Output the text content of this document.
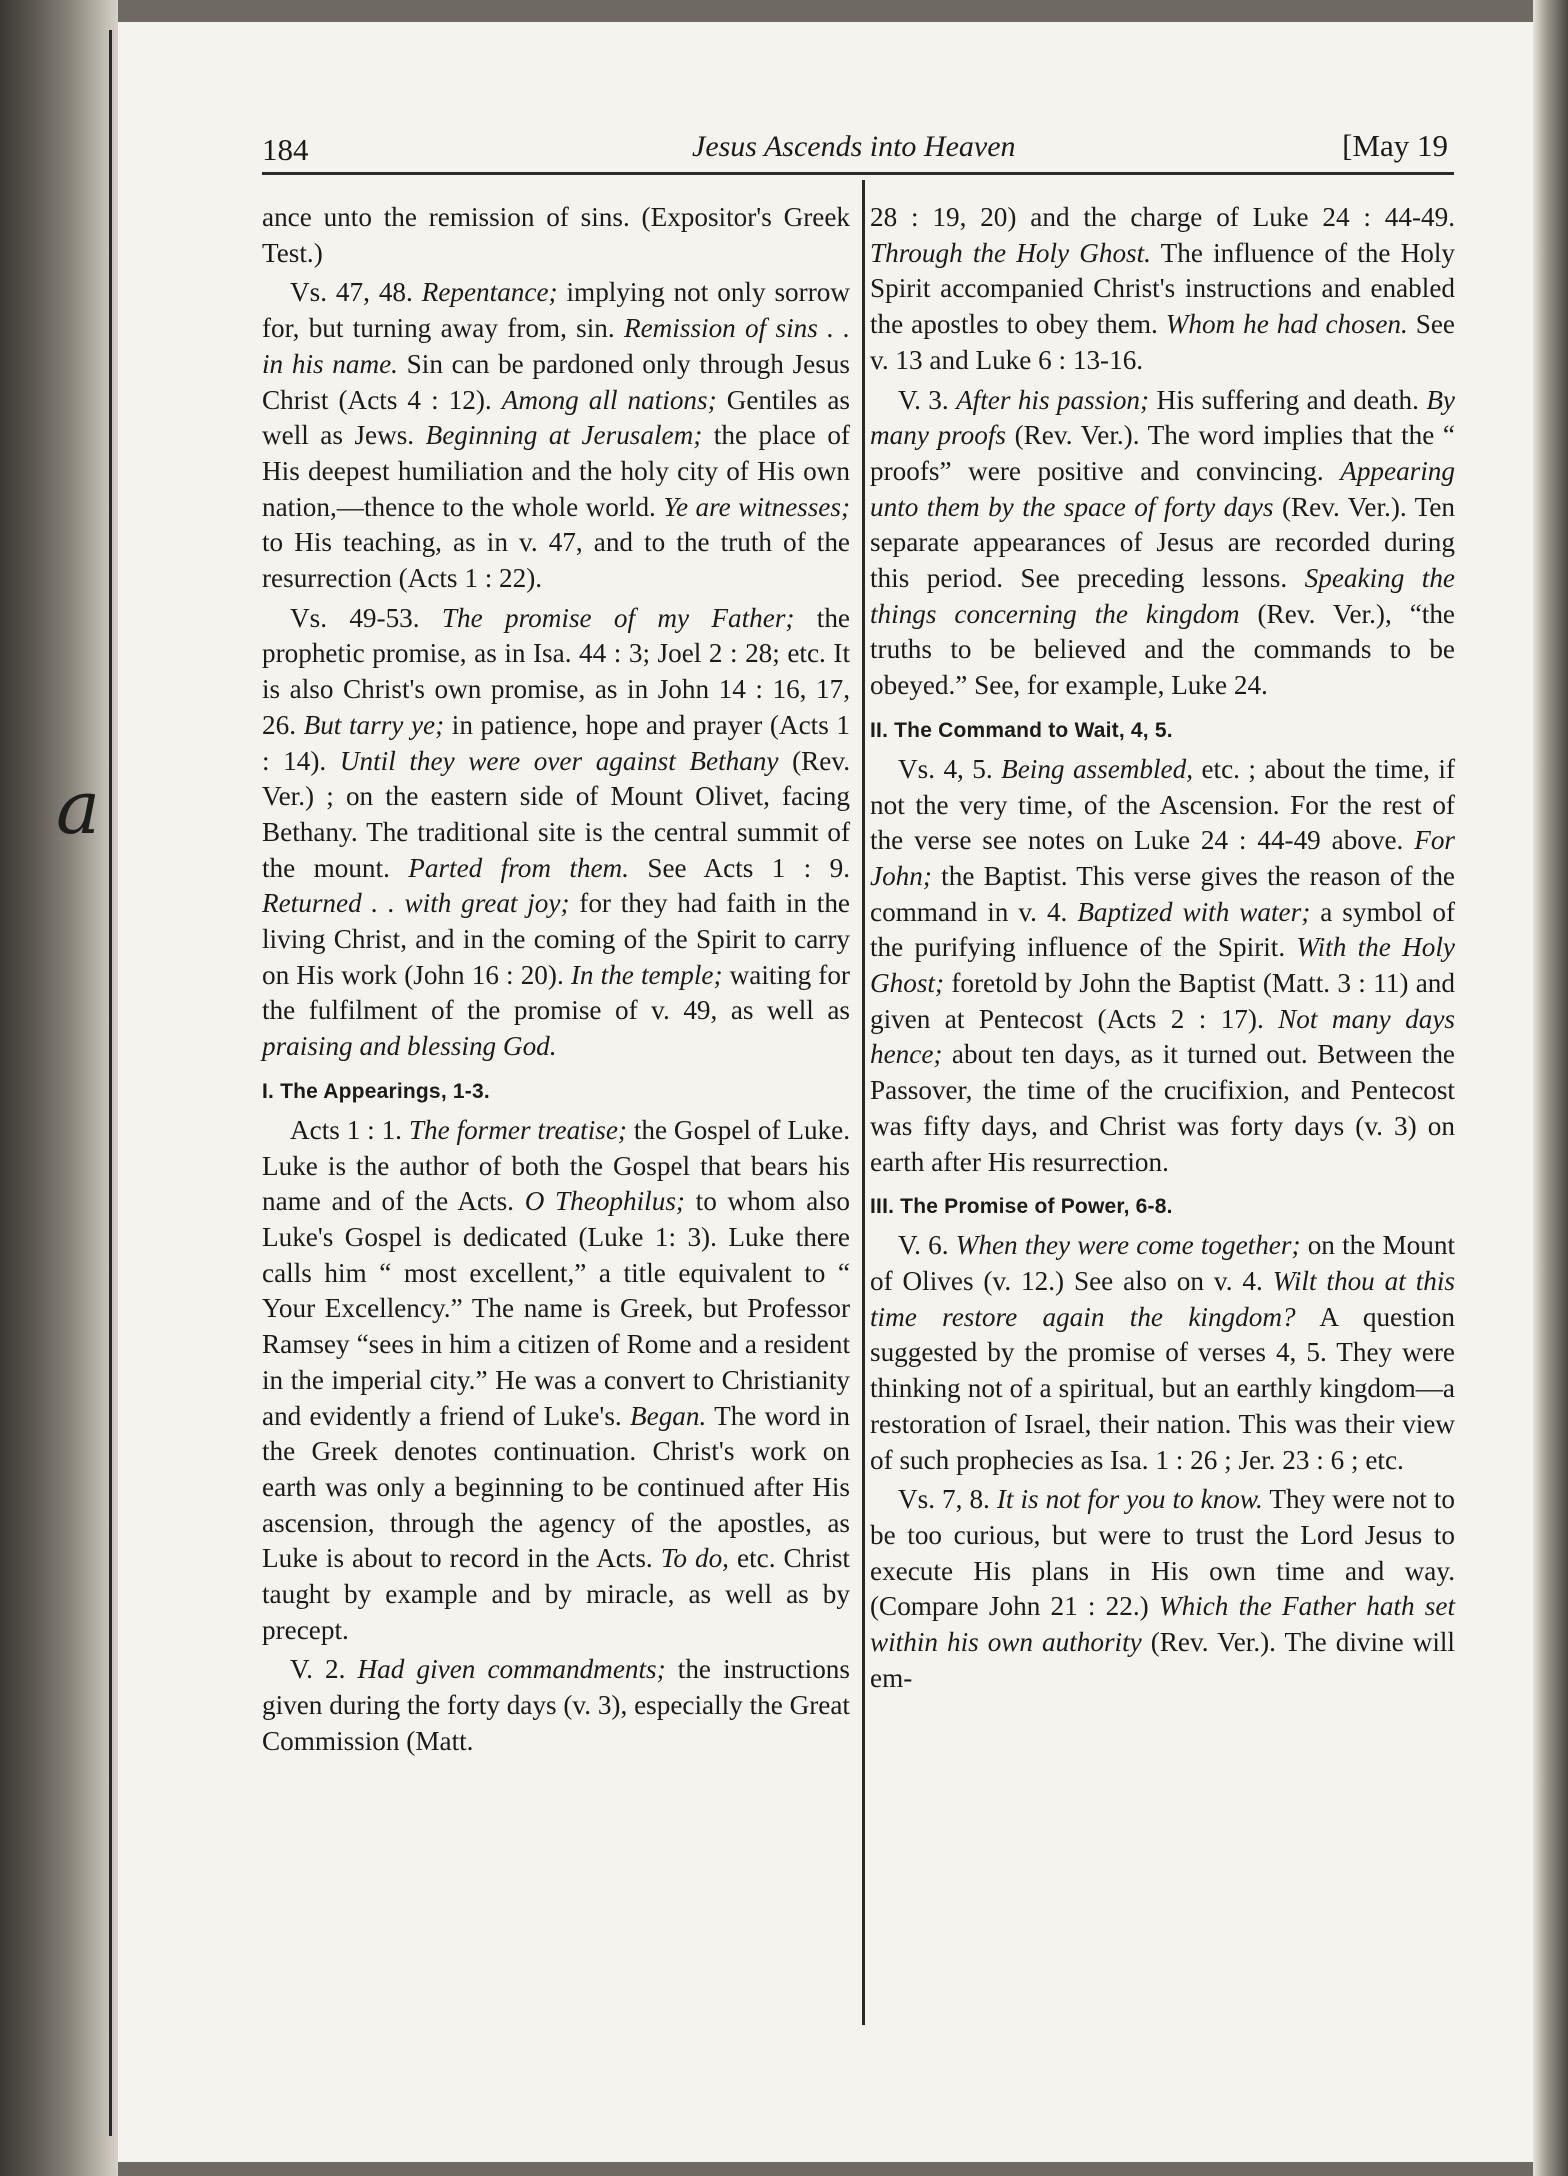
a
184	Jesus Ascends into Heaven	[May 19

ance unto the remission of sins. (Expositor's Greek Test.)

Vs. 47, 48. Repentance; implying not only sorrow for, but turning away from, sin. Remission of sins . . in his name. Sin can be pardoned only through Jesus Christ (Acts 4 : 12). Among all nations; Gentiles as well as Jews. Beginning at Jerusalem; the place of His deepest humiliation and the holy city of His own nation,—thence to the whole world. Ye are witnesses; to His teaching, as in v. 47, and to the truth of the resurrection (Acts 1 : 22).

Vs. 49-53. The promise of my Father; the prophetic promise, as in Isa. 44 : 3; Joel 2 : 28; etc. It is also Christ's own promise, as in John 14 : 16, 17, 26. But tarry ye; in patience, hope and prayer (Acts 1 : 14). Until they were over against Bethany (Rev. Ver.) ; on the eastern side of Mount Olivet, facing Bethany. The traditional site is the central summit of the mount. Parted from them. See Acts 1 : 9. Returned . . with great joy; for they had faith in the living Christ, and in the coming of the Spirit to carry on His work (John 16 : 20). In the temple; waiting for the fulfilment of the promise of v. 49, as well as praising and blessing God.

I. The Appearings, 1-3.

Acts 1 : 1. The former treatise; the Gospel of Luke. Luke is the author of both the Gospel that bears his name and of the Acts. O Theophilus; to whom also Luke's Gospel is dedicated (Luke 1: 3). Luke there calls him “ most excellent,” a title equivalent to “ Your Excellency.” The name is Greek, but Professor Ramsey “sees in him a citizen of Rome and a resident in the imperial city.” He was a convert to Christianity and evidently a friend of Luke's. Began. The word in the Greek denotes continuation. Christ's work on earth was only a beginning to be continued after His ascension, through the agency of the apostles, as Luke is about to record in the Acts. To do, etc. Christ taught by example and by miracle, as well as by precept.

V. 2. Had given commandments; the instructions given during the forty days (v. 3), especially the Great Commission (Matt.

28 : 19, 20) and the charge of Luke 24 : 44-49. Through the Holy Ghost. The influence of the Holy Spirit accompanied Christ's instructions and enabled the apostles to obey them. Whom he had chosen. See v. 13 and Luke 6 : 13-16.

V. 3. After his passion; His suffering and death. By many proofs (Rev. Ver.). The word implies that the “ proofs” were positive and convincing. Appearing unto them by the space of forty days (Rev. Ver.). Ten separate appearances of Jesus are recorded during this period. See preceding lessons. Speaking the things concerning the kingdom (Rev. Ver.), “the truths to be believed and the commands to be obeyed.” See, for example, Luke 24.

II. The Command to Wait, 4, 5.

Vs. 4, 5. Being assembled, etc. ; about the time, if not the very time, of the Ascension. For the rest of the verse see notes on Luke 24 : 44-49 above. For John; the Baptist. This verse gives the reason of the command in v. 4. Baptized with water; a symbol of the purifying influence of the Spirit. With the Holy Ghost; foretold by John the Baptist (Matt. 3 : 11) and given at Pentecost (Acts 2 : 17). Not many days hence; about ten days, as it turned out. Between the Passover, the time of the crucifixion, and Pentecost was fifty days, and Christ was forty days (v. 3) on earth after His resurrection.

III. The Promise of Power, 6-8.

V. 6. When they were come together; on the Mount of Olives (v. 12.) See also on v. 4. Wilt thou at this time restore again the kingdom? A question suggested by the promise of verses 4, 5. They were thinking not of a spiritual, but an earthly kingdom—a restoration of Israel, their nation. This was their view of such prophecies as Isa. 1 : 26 ; Jer. 23 : 6 ; etc.

Vs. 7, 8. It is not for you to know. They were not to be too curious, but were to trust the Lord Jesus to execute His plans in His own time and way. (Compare John 21 : 22.) Which the Father hath set within his own authority (Rev. Ver.). The divine will em-
